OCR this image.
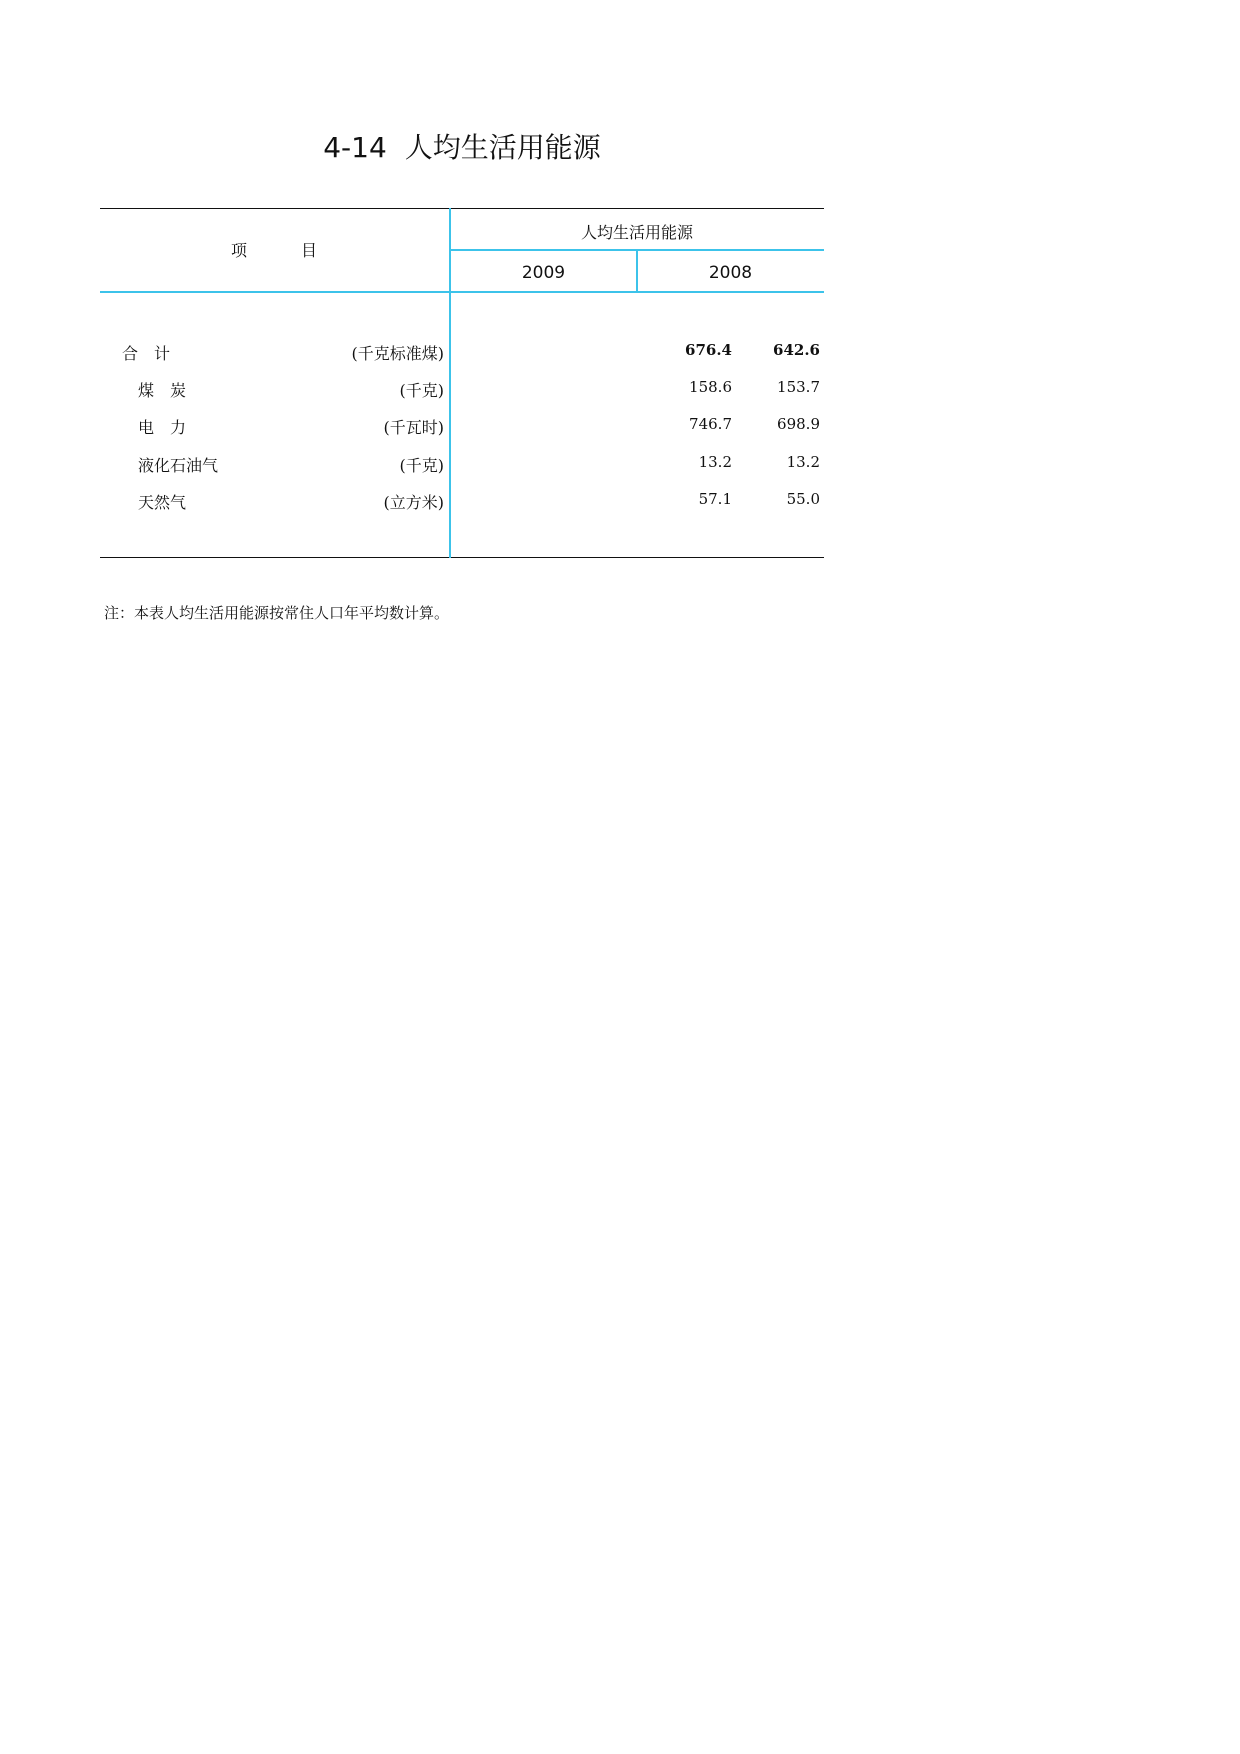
4-14 人均生活用能源
项	目
人均生活用能源
2009	2008
合　计	(千克标准煤)	676.4	642.6
煤　炭	(千克)	158.6	153.7
电　力	(千瓦时)	746.7	698.9
液化石油气	(千克)	13.2	13.2
天然气	(立方米)	57.1	55.0
注：本表人均生活用能源按常住人口年平均数计算。
